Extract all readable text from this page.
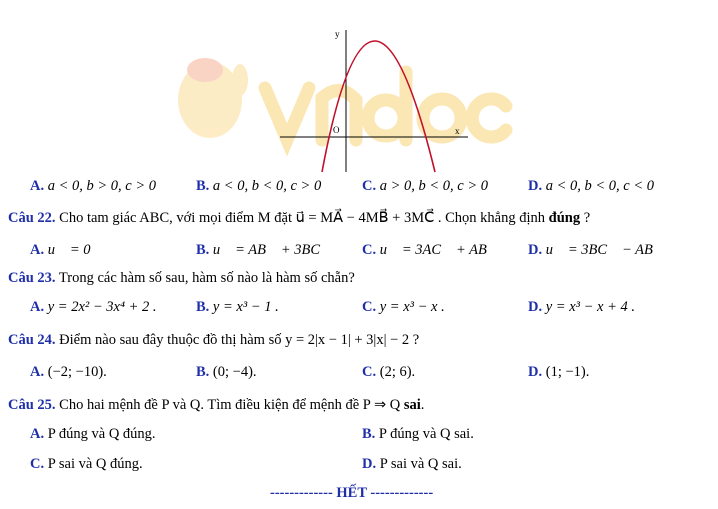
y
x
O
A. a < 0, b > 0, c > 0	B. a < 0, b < 0, c > 0	C. a > 0, b < 0, c > 0	D. a < 0, b < 0, c < 0
Câu 22. Cho tam giác ABC, với mọi điểm M đặt u⃗ = MA⃗ − 4MB⃗ + 3MC⃗ . Chọn khẳng định đúng ?
A. u⃗ = 0⃗	B. u⃗ = AB⃗ + 3BC⃗ C. u⃗ = 3AC⃗ + AB⃗ D. u⃗ = 3BC⃗ − AB⃗
Câu 23. Trong các hàm số sau, hàm số nào là hàm số chẵn?
A. y = 2x² − 3x⁴ + 2 .	B. y = x³ − 1 .	C. y = x³ − x .	D. y = x³ − x + 4 .
Câu 24. Điểm nào sau đây thuộc đồ thị hàm số y = 2|x − 1| + 3|x| − 2 ?
A. (−2; −10).	B. (0; −4).	C. (2; 6).	D. (1; −1).
Câu 25. Cho hai mệnh đề P và Q. Tìm điều kiện để mệnh đề P ⇒ Q sai.
A. P đúng và Q đúng.	B. P đúng và Q sai.
C. P sai và Q đúng.	D. P sai và Q sai.
------------- HẾT -------------
